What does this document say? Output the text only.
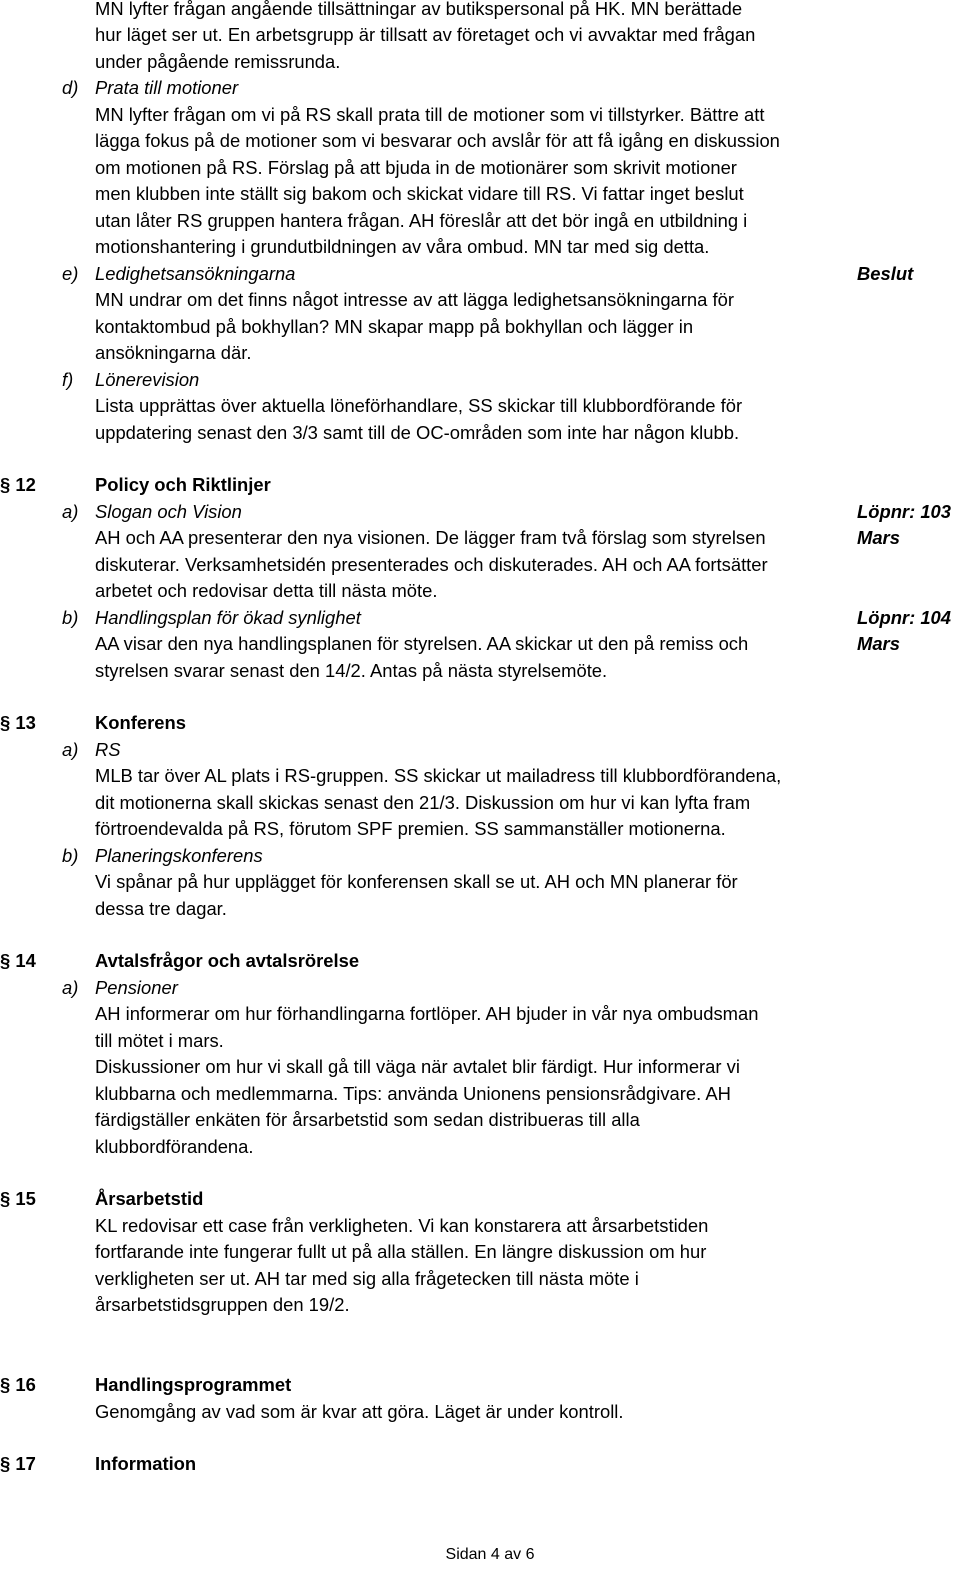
MN lyfter frågan angående tillsättningar av butikspersonal på HK. MN berättade
hur läget ser ut. En arbetsgrupp är tillsatt av företaget och vi avvaktar med frågan
under pågående remissrunda.
d) Prata till motioner
MN lyfter frågan om vi på RS skall prata till de motioner som vi tillstyrker. Bättre att
lägga fokus på de motioner som vi besvarar och avslår för att få igång en diskussion
om motionen på RS. Förslag på att bjuda in de motionärer som skrivit motioner
men klubben inte ställt sig bakom och skickat vidare till RS. Vi fattar inget beslut
utan låter RS gruppen hantera frågan. AH föreslår att det bör ingå en utbildning i
motionshantering i grundutbildningen av våra ombud. MN tar med sig detta.
e) Ledighetsansökningarna	Beslut
MN undrar om det finns något intresse av att lägga ledighetsansökningarna för
kontaktombud på bokhyllan? MN skapar mapp på bokhyllan och lägger in
ansökningarna där.
f) Lönerevision
Lista upprättas över aktuella löneförhandlare, SS skickar till klubbordförande för
uppdatering senast den 3/3 samt till de OC-områden som inte har någon klubb.
§ 12	Policy och Riktlinjer
a) Slogan och Vision	Löpnr: 103
Mars
AH och AA presenterar den nya visionen. De lägger fram två förslag som styrelsen
diskuterar. Verksamhetsidén presenterades och diskuterades. AH och AA fortsätter
arbetet och redovisar detta till nästa möte.
b) Handlingsplan för ökad synlighet	Löpnr: 104
Mars
AA visar den nya handlingsplanen för styrelsen. AA skickar ut den på remiss och
styrelsen svarar senast den 14/2. Antas på nästa styrelsemöte.
§ 13	Konferens
a) RS
MLB tar över AL plats i RS-gruppen. SS skickar ut mailadress till klubbordförandena,
dit motionerna skall skickas senast den 21/3. Diskussion om hur vi kan lyfta fram
förtroendevalda på RS, förutom SPF premien. SS sammanställer motionerna.
b) Planeringskonferens
Vi spånar på hur upplägget för konferensen skall se ut. AH och MN planerar för
dessa tre dagar.
§ 14	Avtalsfrågor och avtalsrörelse
a) Pensioner
AH informerar om hur förhandlingarna fortlöper. AH bjuder in vår nya ombudsman
till mötet i mars.
Diskussioner om hur vi skall gå till väga när avtalet blir färdigt. Hur informerar vi
klubbarna och medlemmarna. Tips: använda Unionens pensionsrådgivare. AH
färdigställer enkäten för årsarbetstid som sedan distribueras till alla
klubbordförandena.
§ 15	Årsarbetstid
KL redovisar ett case från verkligheten. Vi kan konstarera att årsarbetstiden
fortfarande inte fungerar fullt ut på alla ställen. En längre diskussion om hur
verkligheten ser ut. AH tar med sig alla frågetecken till nästa möte i
årsarbetstidsgruppen den 19/2.
§ 16	Handlingsprogrammet
Genomgång av vad som är kvar att göra. Läget är under kontroll.
§ 17	Information
Sidan 4 av 6
